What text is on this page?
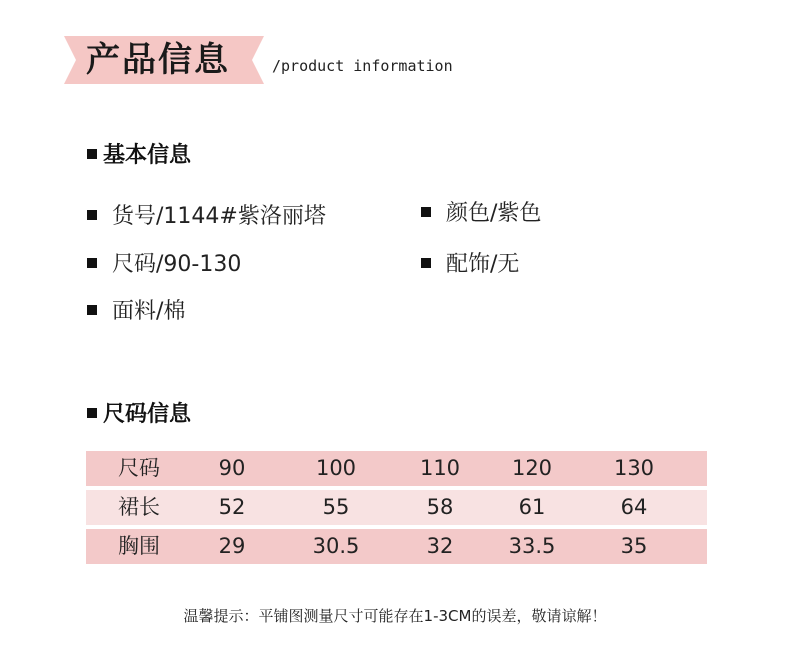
产品信息	/product information
基本信息
货号/1144#紫洛丽塔
尺码/90-130
面料/棉
颜色/紫色
配饰/无
尺码信息
尺码	90	100	110	120	130
裙长	52	55	58	61	64
胸围	29	30.5	32	33.5	35
温馨提示：平铺图测量尺寸可能存在1-3CM的误差，敬请谅解！
